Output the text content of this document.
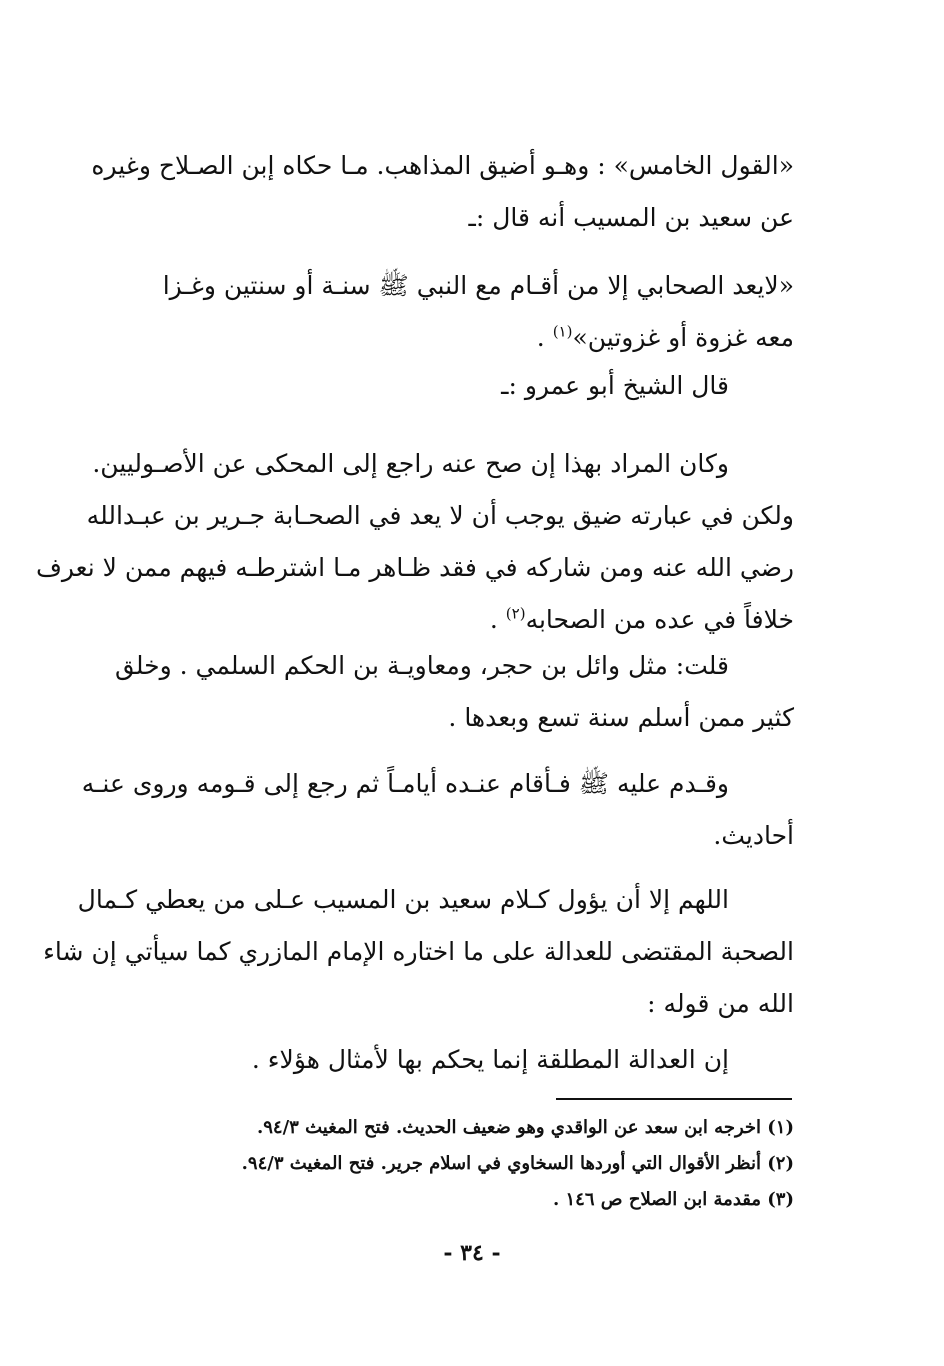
«القول الخامس» : وهـو أضيق المذاهب. مـا حكاه إبن الصـلاح وغيره
عن سعيد بن المسيب أنه قال :ـ

«لايعد الصحابي إلا من أقـام مع النبي ﷺ سنـة أو سنتين وغـزا
معه غزوة أو غزوتين»$^{(١)}$ .

قال الشيخ أبو عمرو :ـ

وكان المراد بهذا إن صح عنه راجع إلى المحكى عن الأصـوليين.
ولكن في عبارته ضيق يوجب أن لا يعد في الصحـابة جـرير بن عبـدالله
رضي الله عنه ومن شاركه في فقد ظـاهر مـا اشترطـه فيهم ممن لا نعرف
خلافاً في عده من الصحابه$^{(٢)}$ .

قلت: مثل وائل بن حجر، ومعاويـة بن الحكم السلمي . وخلق
كثير ممن أسلم سنة تسع وبعدها .

وقـدم عليه ﷺ فـأقام عنـده أيامـاً ثم رجع إلى قـومه وروى عنـه
أحاديث.

اللهم إلا أن يؤول كـلام سعيد بن المسيب عـلى من يعطي كـمال
الصحبة المقتضى للعدالة على ما اختاره الإمام المازري كما سيأتي إن شاء
الله من قوله :

إن العدالة المطلقة إنما يحكم بها لأمثال هؤلاء .

(١) اخرجه ابن سعد عن الواقدي وهو ضعيف الحديث. فتح المغيث ٩٤/٣.
(٢) أنظر الأقوال التي أوردها السخاوي في اسلام جرير. فتح المغيث ٩٤/٣.
(٣) مقدمة ابن الصلاح ص ١٤٦ .

- ٣٤ -
